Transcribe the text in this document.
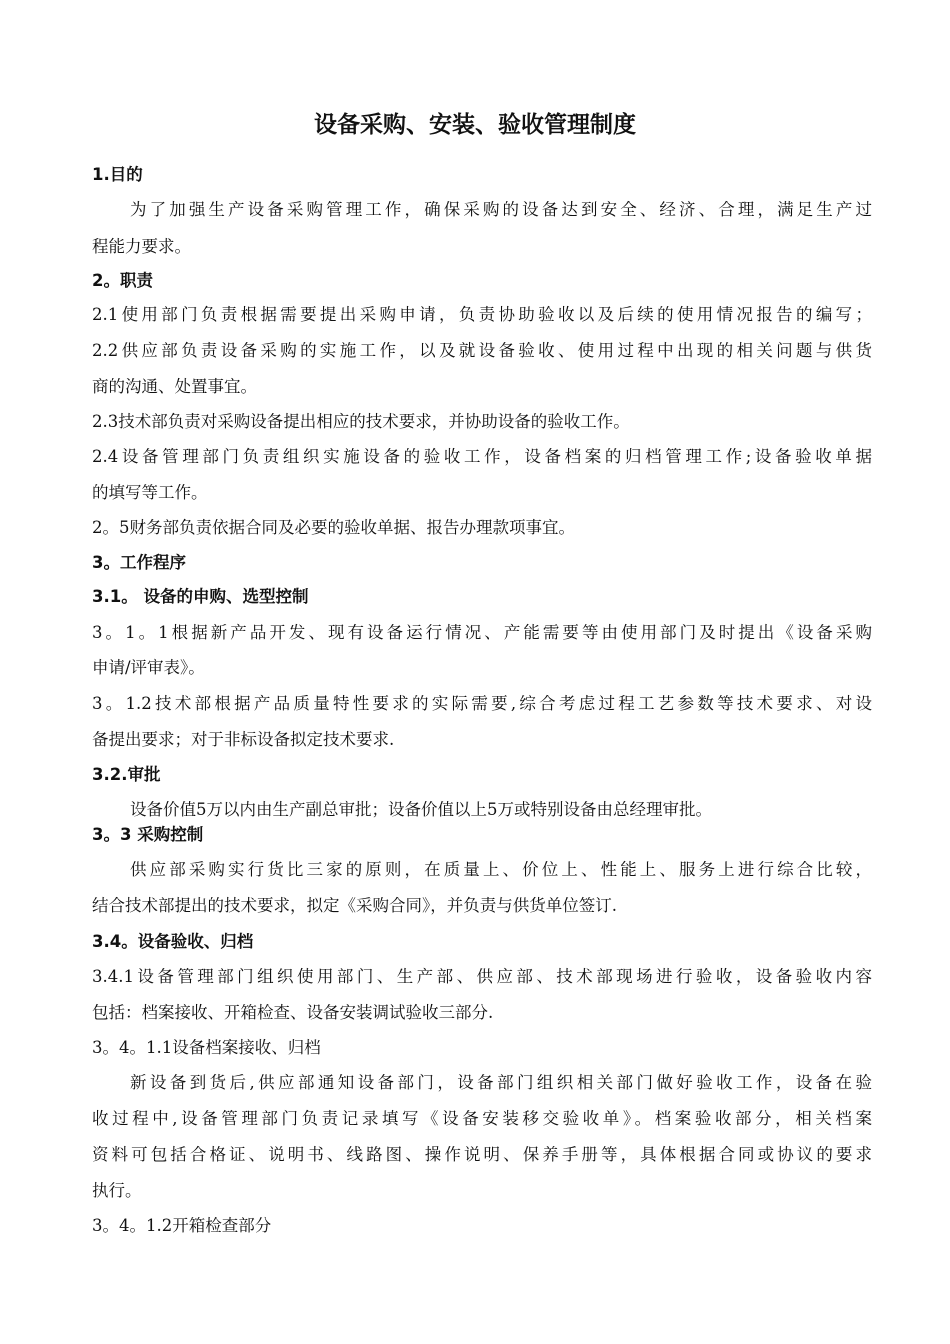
设备采购、安装、验收管理制度
1.目的
为了加强生产设备采购管理工作，确保采购的设备达到安全、经济、合理，满足生产过
程能力要求。
2。职责
2.1使用部门负责根据需要提出采购申请，负责协助验收以及后续的使用情况报告的编写；
2.2供应部负责设备采购的实施工作，以及就设备验收、使用过程中出现的相关问题与供货
商的沟通、处置事宜。
2.3技术部负责对采购设备提出相应的技术要求，并协助设备的验收工作。
2.4设备管理部门负责组织实施设备的验收工作，设备档案的归档管理工作;设备验收单据
的填写等工作。
2。5财务部负责依据合同及必要的验收单据、报告办理款项事宜。
3。工作程序
3.1。 设备的申购、选型控制
3。1。1根据新产品开发、现有设备运行情况、产能需要等由使用部门及时提出《设备采购
申请/评审表》。
3。1.2技术部根据产品质量特性要求的实际需要,综合考虑过程工艺参数等技术要求、对设
备提出要求；对于非标设备拟定技术要求.
3.2.审批
设备价值5万以内由生产副总审批；设备价值以上5万或特别设备由总经理审批。
3。3 采购控制
供应部采购实行货比三家的原则，在质量上、价位上、性能上、服务上进行综合比较，
结合技术部提出的技术要求，拟定《采购合同》，并负责与供货单位签订.
3.4。设备验收、归档
3.4.1设备管理部门组织使用部门、生产部、供应部、技术部现场进行验收，设备验收内容
包括：档案接收、开箱检查、设备安装调试验收三部分.
3。4。1.1设备档案接收、归档
新设备到货后,供应部通知设备部门，设备部门组织相关部门做好验收工作，设备在验
收过程中,设备管理部门负责记录填写《设备安装移交验收单》。档案验收部分，相关档案
资料可包括合格证、说明书、线路图、操作说明、保养手册等，具体根据合同或协议的要求
执行。
3。4。1.2开箱检查部分
